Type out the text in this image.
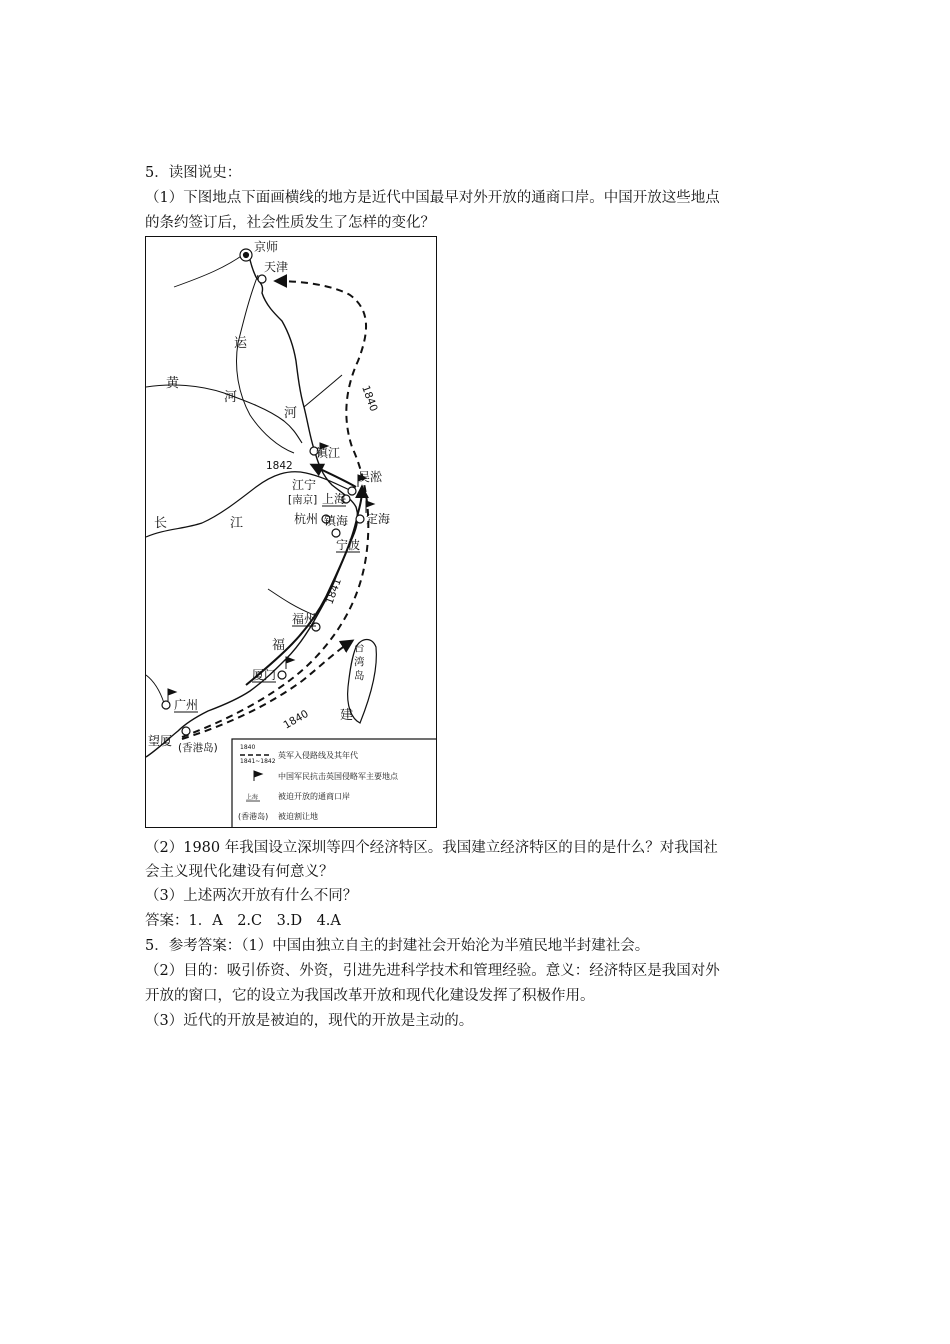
5．读图说史：
（1）下图地点下面画横线的地方是近代中国最早对外开放的通商口岸。中国开放这些地点
的条约签订后，社会性质发生了怎样的变化？
京师
天津
镇江
吴淞
江宁
[南京] 上海
定海
杭州 镇海
宁波
福州
厦门
广州
望厦 (香港岛)
运
黄
河
河
长	江
福
建
台
湾
岛
1842
1840
1841
1840
1840
1841~1842
英军入侵路线及其年代
中国军民抗击英国侵略军主要地点
上海 被迫开放的通商口岸
(香港岛) 被迫割让地
（2）1980 年我国设立深圳等四个经济特区。我国建立经济特区的目的是什么？对我国社
会主义现代化建设有何意义？
（3）上述两次开放有什么不同？
答案：1．A　2.C　3.D　4.A
5．参考答案：（1）中国由独立自主的封建社会开始沦为半殖民地半封建社会。
（2）目的：吸引侨资、外资，引进先进科学技术和管理经验。意义：经济特区是我国对外
开放的窗口，它的设立为我国改革开放和现代化建设发挥了积极作用。
（3）近代的开放是被迫的，现代的开放是主动的。
